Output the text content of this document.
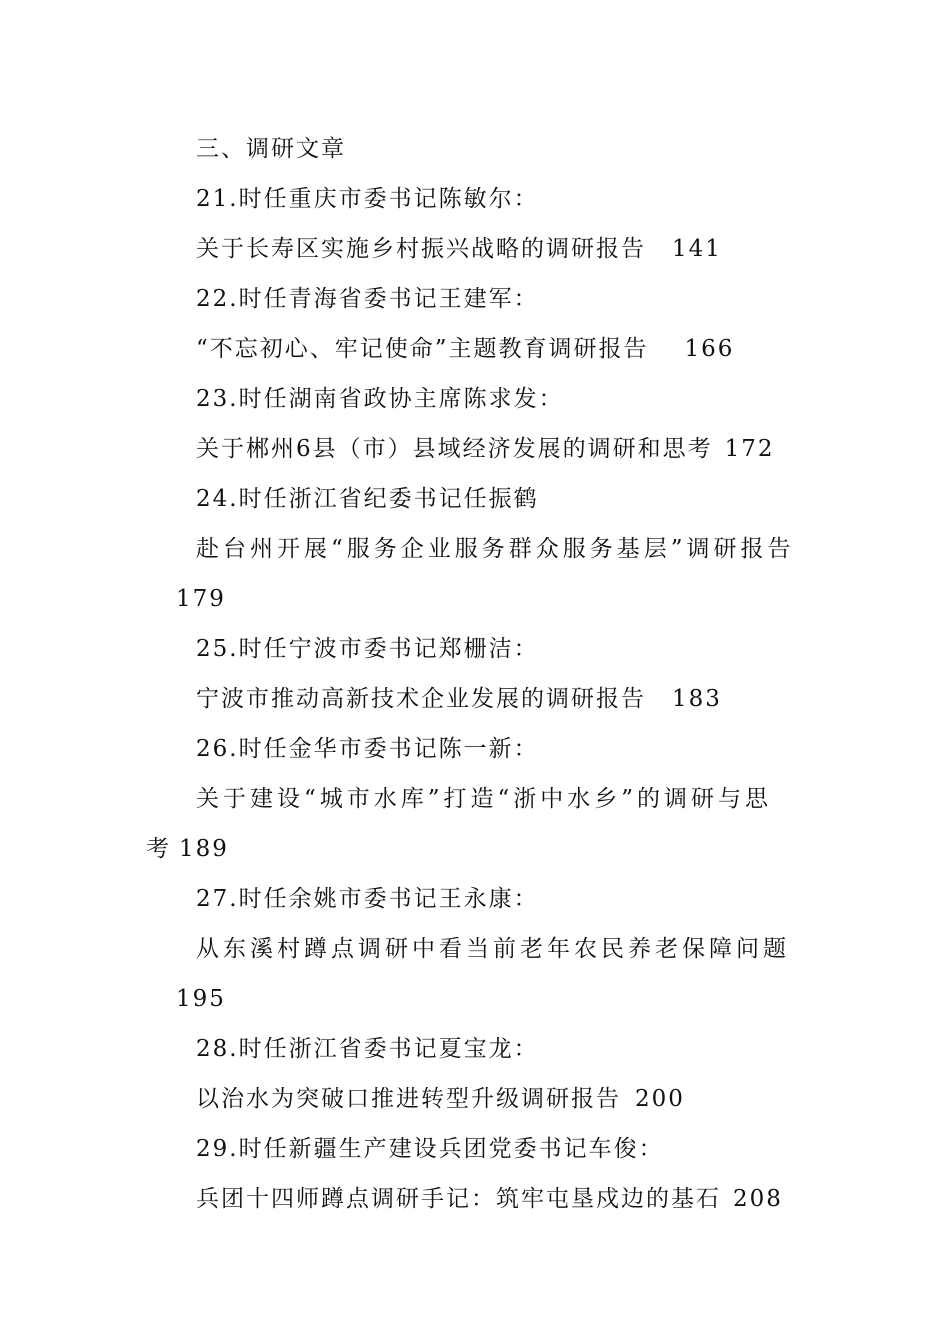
三、调研文章
21.时任重庆市委书记陈敏尔：
关于长寿区实施乡村振兴战略的调研报告 141
22.时任青海省委书记王建军：
“不忘初心、牢记使命”主题教育调研报告 166
关于郴州6县（市）县域经济发展的调研和思考 172
23.时任湖南省政协主席陈求发：
24.时任浙江省纪委书记任振鹤
赴台州开展“服务企业服务群众服务基层”调研报告
179
25.时任宁波市委书记郑栅洁：
宁波市推动高新技术企业发展的调研报告 183
26.时任金华市委书记陈一新：
关于建设“城市水库”打造“浙中水乡”的调研与思
考 189
27.时任余姚市委书记王永康：
从东溪村蹲点调研中看当前老年农民养老保障问题
195
28.时任浙江省委书记夏宝龙：
以治水为突破口推进转型升级调研报告 200
29.时任新疆生产建设兵团党委书记车俊：
兵团十四师蹲点调研手记：筑牢屯垦戍边的基石 208
